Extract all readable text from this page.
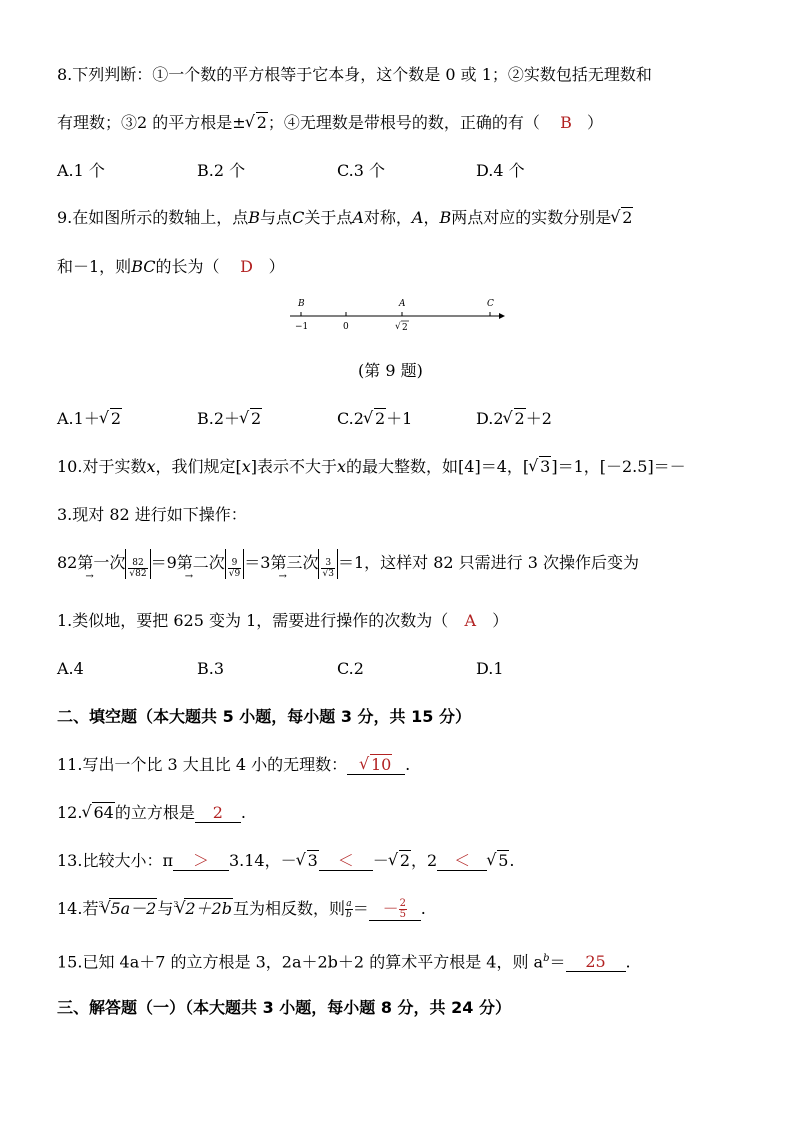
8.下列判断：①一个数的平方根等于它本身，这个数是 0 或 1；②实数包括无理数和
有理数；③2 的平方根是± √ 2；④无理数是带根号的数，正确的有（ B ）
A.1 个	B.2 个	C.3 个	D.4 个
9.在如图所示的数轴上，点B与点C关于点A对称，A，B两点对应的实数分别是 √ 2
和－1，则BC的长为（ D ）
B	A	C
−1	0	√ 2
(第 9 题)
A.1＋ √ 2	B.2＋ √ 2	C.2 √ 2＋1	D.2 √ 2＋2
10.对于实数x，我们规定[x]表示不大于x的最大整数，如[4]＝4，[ √ 3]＝1，[－2.5]＝－
3.现对 82 进行如下操作：
82第一次
→	$\frac{82}{√82} =9$第二次
→	$\frac{9}{√9} =3$第三次
→	$\frac{3}{√3} =1$，这样对 82 只需进行 3 次操作后变为
1.类似地，要把 625 变为 1，需要进行操作的次数为（ A ）
A.4	B.3	C.2	D.1
二、填空题（本大题共 5 小题，每小题 3 分，共 15 分）
11.写出一个比 3 大且比 4 小的无理数： √ 10 .
12. √ 64的立方根是 2 .
13.比较大小：π ＞ 3.14，－ √ 3 ＜ － √ 2，2 ＜ √ 5.
14.若 √ 3 5a－2与 √ 3 2＋2b互为相反数，则 $\frac{a}{b}$ ＝ － $\frac{2}{5}$ .
15.已知 4a＋7 的立方根是 3，2a＋2b＋2 的算术平方根是 4，则 $a^b= 25$ .
三、解答题（一）（本大题共 3 小题，每小题 8 分，共 24 分）
